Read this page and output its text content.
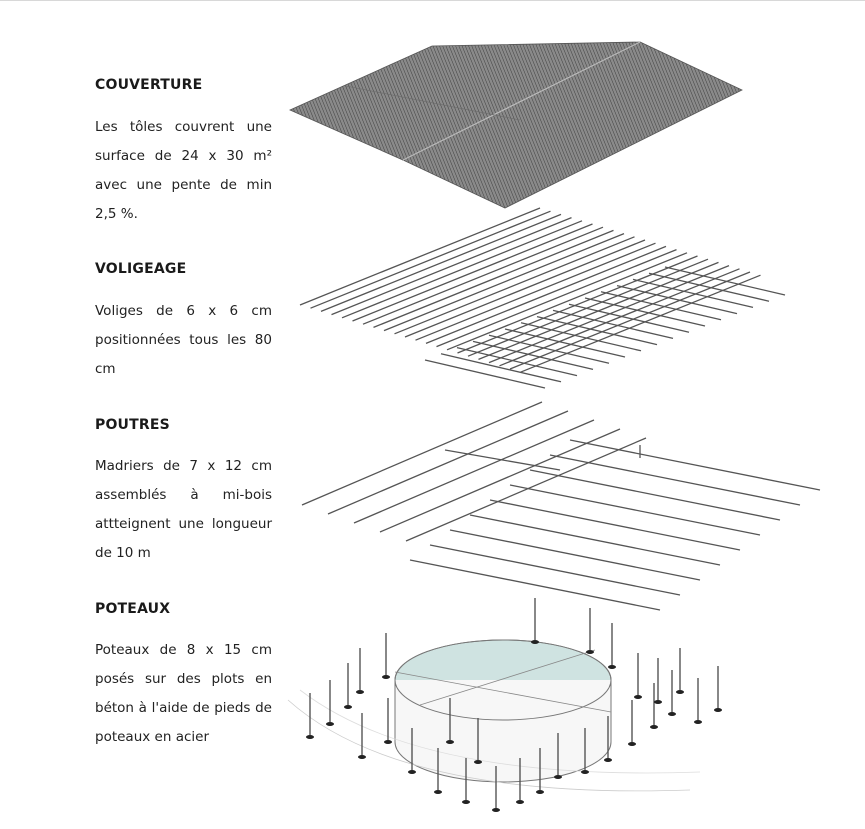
COUVERTURE
Les tôles couvrent une surface de 24 x 30 m² avec une pente de min 2,5 %.
VOLIGEAGE
Voliges de 6 x 6 cm positionnées tous les 80 cm
POUTRES
Madriers de 7 x 12 cm assemblés à mi-bois attteignent une longueur de 10 m
POTEAUX
Poteaux de 8 x 15 cm posés sur des plots en béton à l'aide de pieds de poteaux en acier
